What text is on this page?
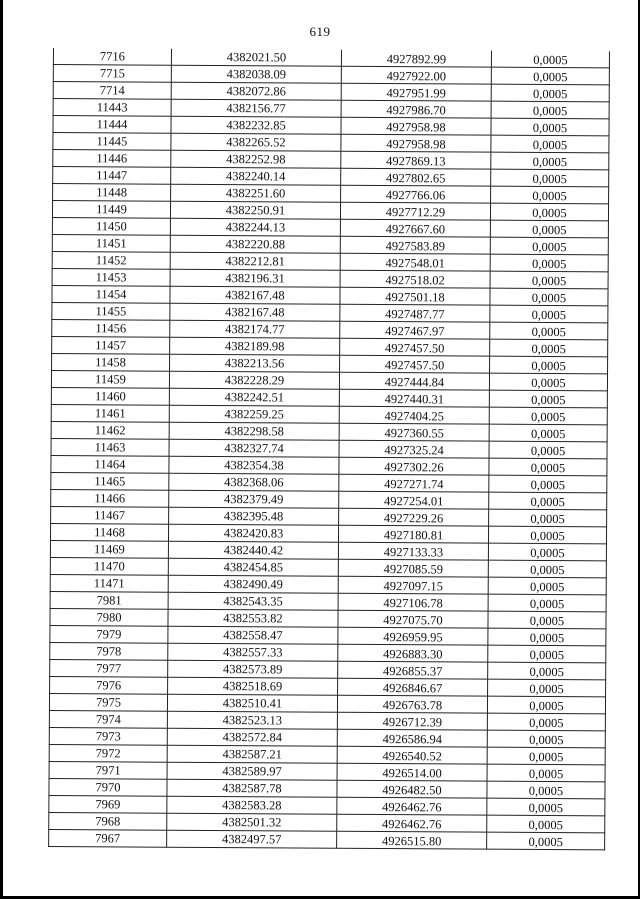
619
7716	4382021.50	4927892.99	0,0005
7715	4382038.09	4927922.00	0,0005
7714	4382072.86	4927951.99	0,0005
11443	4382156.77	4927986.70	0,0005
11444	4382232.85	4927958.98	0,0005
11445	4382265.52	4927958.98	0,0005
11446	4382252.98	4927869.13	0,0005
11447	4382240.14	4927802.65	0,0005
11448	4382251.60	4927766.06	0,0005
11449	4382250.91	4927712.29	0,0005
11450	4382244.13	4927667.60	0,0005
11451	4382220.88	4927583.89	0,0005
11452	4382212.81	4927548.01	0,0005
11453	4382196.31	4927518.02	0,0005
11454	4382167.48	4927501.18	0,0005
11455	4382167.48	4927487.77	0,0005
11456	4382174.77	4927467.97	0,0005
11457	4382189.98	4927457.50	0,0005
11458	4382213.56	4927457.50	0,0005
11459	4382228.29	4927444.84	0,0005
11460	4382242.51	4927440.31	0,0005
11461	4382259.25	4927404.25	0,0005
11462	4382298.58	4927360.55	0,0005
11463	4382327.74	4927325.24	0,0005
11464	4382354.38	4927302.26	0,0005
11465	4382368.06	4927271.74	0,0005
11466	4382379.49	4927254.01	0,0005
11467	4382395.48	4927229.26	0,0005
11468	4382420.83	4927180.81	0,0005
11469	4382440.42	4927133.33	0,0005
11470	4382454.85	4927085.59	0,0005
11471	4382490.49	4927097.15	0,0005
7981	4382543.35	4927106.78	0,0005
7980	4382553.82	4927075.70	0,0005
7979	4382558.47	4926959.95	0,0005
7978	4382557.33	4926883.30	0,0005
7977	4382573.89	4926855.37	0,0005
7976	4382518.69	4926846.67	0,0005
7975	4382510.41	4926763.78	0,0005
7974	4382523.13	4926712.39	0,0005
7973	4382572.84	4926586.94	0,0005
7972	4382587.21	4926540.52	0,0005
7971	4382589.97	4926514.00	0,0005
7970	4382587.78	4926482.50	0,0005
7969	4382583.28	4926462.76	0,0005
7968	4382501.32	4926462.76	0,0005
7967	4382497.57	4926515.80	0,0005
